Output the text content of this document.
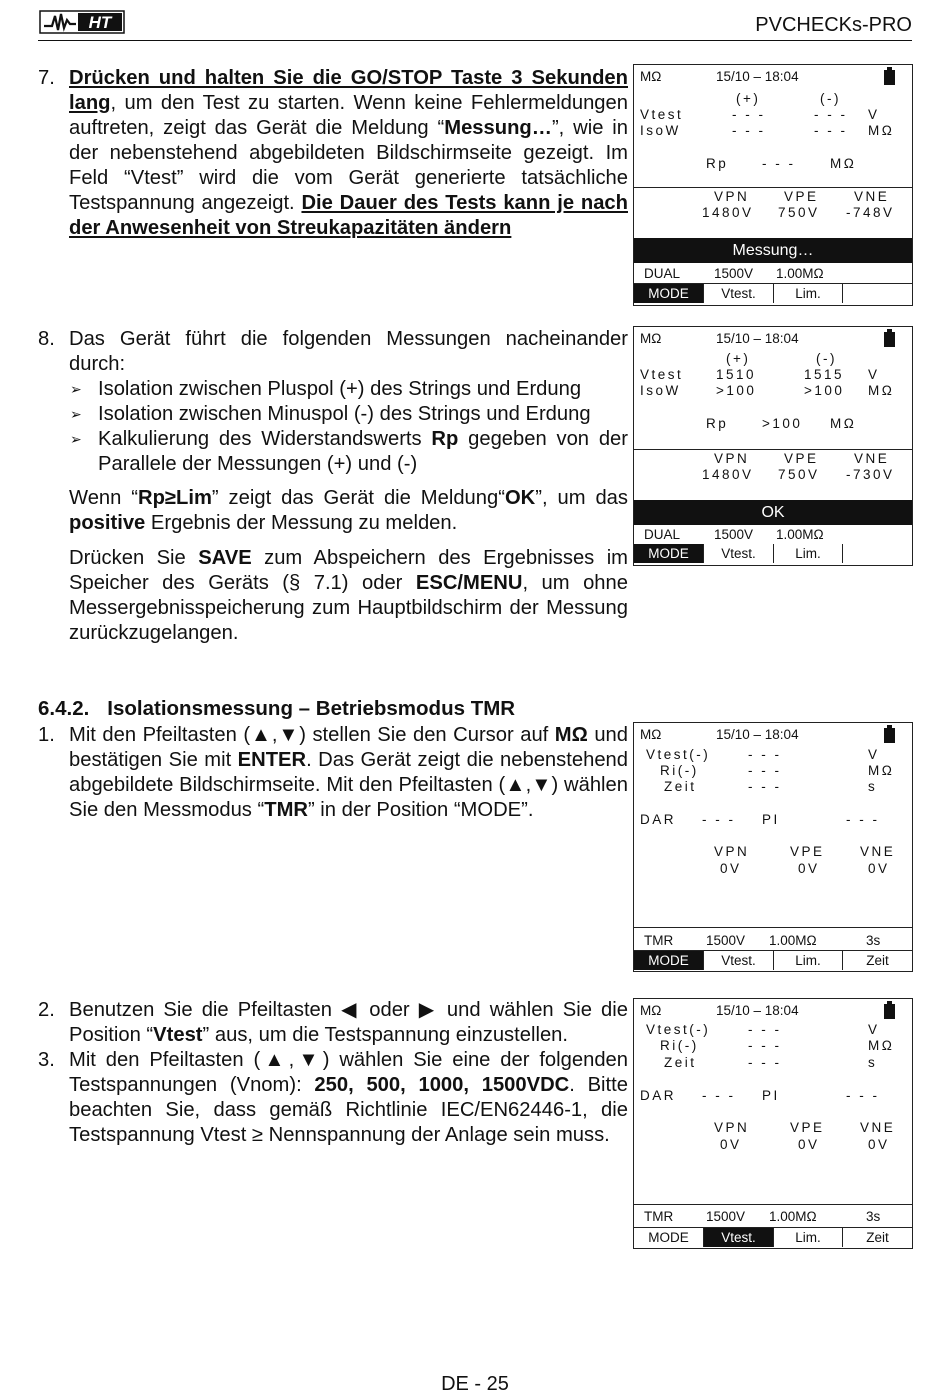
HT	PVCHECKs-PRO
7. Drücken und halten Sie die GO/STOP Taste 3 Sekunden lang, um den Test zu starten. Wenn keine Fehlermeldungen auftreten, zeigt das Gerät die Meldung “Messung…”, wie in der nebenstehend abgebildeten Bildschirmseite gezeigt. Im Feld “Vtest” wird die vom Gerät generierte tatsächliche Testspannung angezeigt. Die Dauer des Tests kann je nach der Anwesenheit von Streukapazitäten ändern
MΩ	15/10 – 18:04
(+)	(-)
Vtest	- - -	- - - V
IsoW	- - -	- - - MΩ
Rp - - -	MΩ
VPN	VPE	VNE
1480V 750V -748V
Messung…
DUAL	1500V 1.00MΩ
MODE	Vtest.	Lim.
8. Das Gerät führt die folgenden Messungen nacheinander durch:
➢ Isolation zwischen Pluspol (+) des Strings und Erdung
➢ Isolation zwischen Minuspol (-) des Strings und Erdung
➢ Kalkulierung des Widerstandswerts Rp gegeben von der Parallele der Messungen (+) und (-)
Wenn “Rp≥Lim” zeigt das Gerät die Meldung“OK”, um das positive Ergebnis der Messung zu melden.
Drücken Sie SAVE zum Abspeichern des Ergebnisses im Speicher des Geräts (§ 7.1) oder ESC/MENU, um ohne Messergebnisspeicherung zum Hauptbildschirm der Messung zurückzugelangen.
MΩ	15/10 – 18:04
(+)	(-)
Vtest 1510	1515 V
IsoW	>100	>100 MΩ
Rp >100 MΩ
VPN	VPE	VNE
1480V 750V -730V
OK
DUAL	1500V 1.00MΩ
MODE	Vtest.	Lim.
6.4.2. Isolationsmessung – Betriebsmodus TMR
1. Mit den Pfeiltasten (▲,▼) stellen Sie den Cursor auf MΩ und bestätigen Sie mit ENTER. Das Gerät zeigt die nebenstehend abgebildete Bildschirmseite. Mit den Pfeiltasten (▲,▼) wählen Sie den Messmodus “TMR” in der Position “MODE”.
MΩ	15/10 – 18:04
Vtest(-)	- - -	V
Ri(-)	- - -	MΩ
Zeit	- - -	s
DAR - - - PI	- - -
VPN	VPE	VNE
0V	0V	0V
TMR 1500V 1.00MΩ	3s
MODE	Vtest.	Lim.	Zeit
2. Benutzen Sie die Pfeiltasten ◀ oder ▶ und wählen Sie die Position “Vtest” aus, um die Testspannung einzustellen.
3. Mit den Pfeiltasten (▲,▼) wählen Sie eine der folgenden Testspannungen (Vnom): 250, 500, 1000, 1500VDC. Bitte beachten Sie, dass gemäß Richtlinie IEC/EN62446-1, die Testspannung Vtest ≥ Nennspannung der Anlage sein muss.
MΩ	15/10 – 18:04
Vtest(-)	- - -	V
Ri(-)	- - -	MΩ
Zeit	- - -	s
DAR - - - PI	- - -
VPN	VPE	VNE
0V	0V	0V
TMR 1500V 1.00MΩ	3s
MODE	Vtest.	Lim.	Zeit
DE - 25
